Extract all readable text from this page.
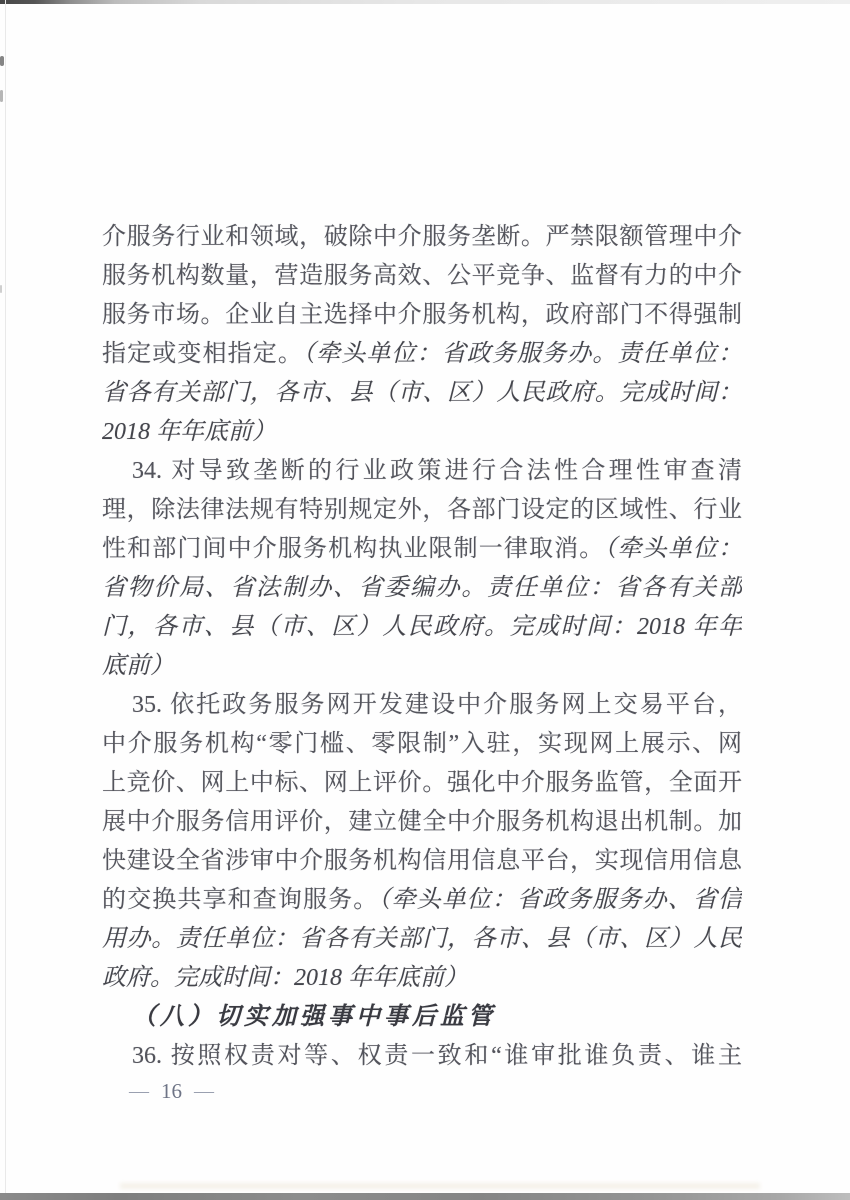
介服务行业和领域，破除中介服务垄断。严禁限额管理中介
服务机构数量，营造服务高效、公平竞争、监督有力的中介
服务市场。企业自主选择中介服务机构，政府部门不得强制
指定或变相指定。（牵头单位：省政务服务办。责任单位：
省各有关部门，各市、县（市、区）人民政府。完成时间：
2018 年年底前）
34. 对导致垄断的行业政策进行合法性合理性审查清
理，除法律法规有特别规定外，各部门设定的区域性、行业
性和部门间中介服务机构执业限制一律取消。（牵头单位：
省物价局、省法制办、省委编办。责任单位：省各有关部
门，各市、县（市、区）人民政府。完成时间：2018 年年
底前）
35. 依托政务服务网开发建设中介服务网上交易平台，
中介服务机构“零门槛、零限制”入驻，实现网上展示、网
上竞价、网上中标、网上评价。强化中介服务监管，全面开
展中介服务信用评价，建立健全中介服务机构退出机制。加
快建设全省涉审中介服务机构信用信息平台，实现信用信息
的交换共享和查询服务。（牵头单位：省政务服务办、省信
用办。责任单位：省各有关部门，各市、县（市、区）人民
政府。完成时间：2018 年年底前）
（八）切实加强事中事后监管
36. 按照权责对等、权责一致和“谁审批谁负责、谁主
— 16 —
